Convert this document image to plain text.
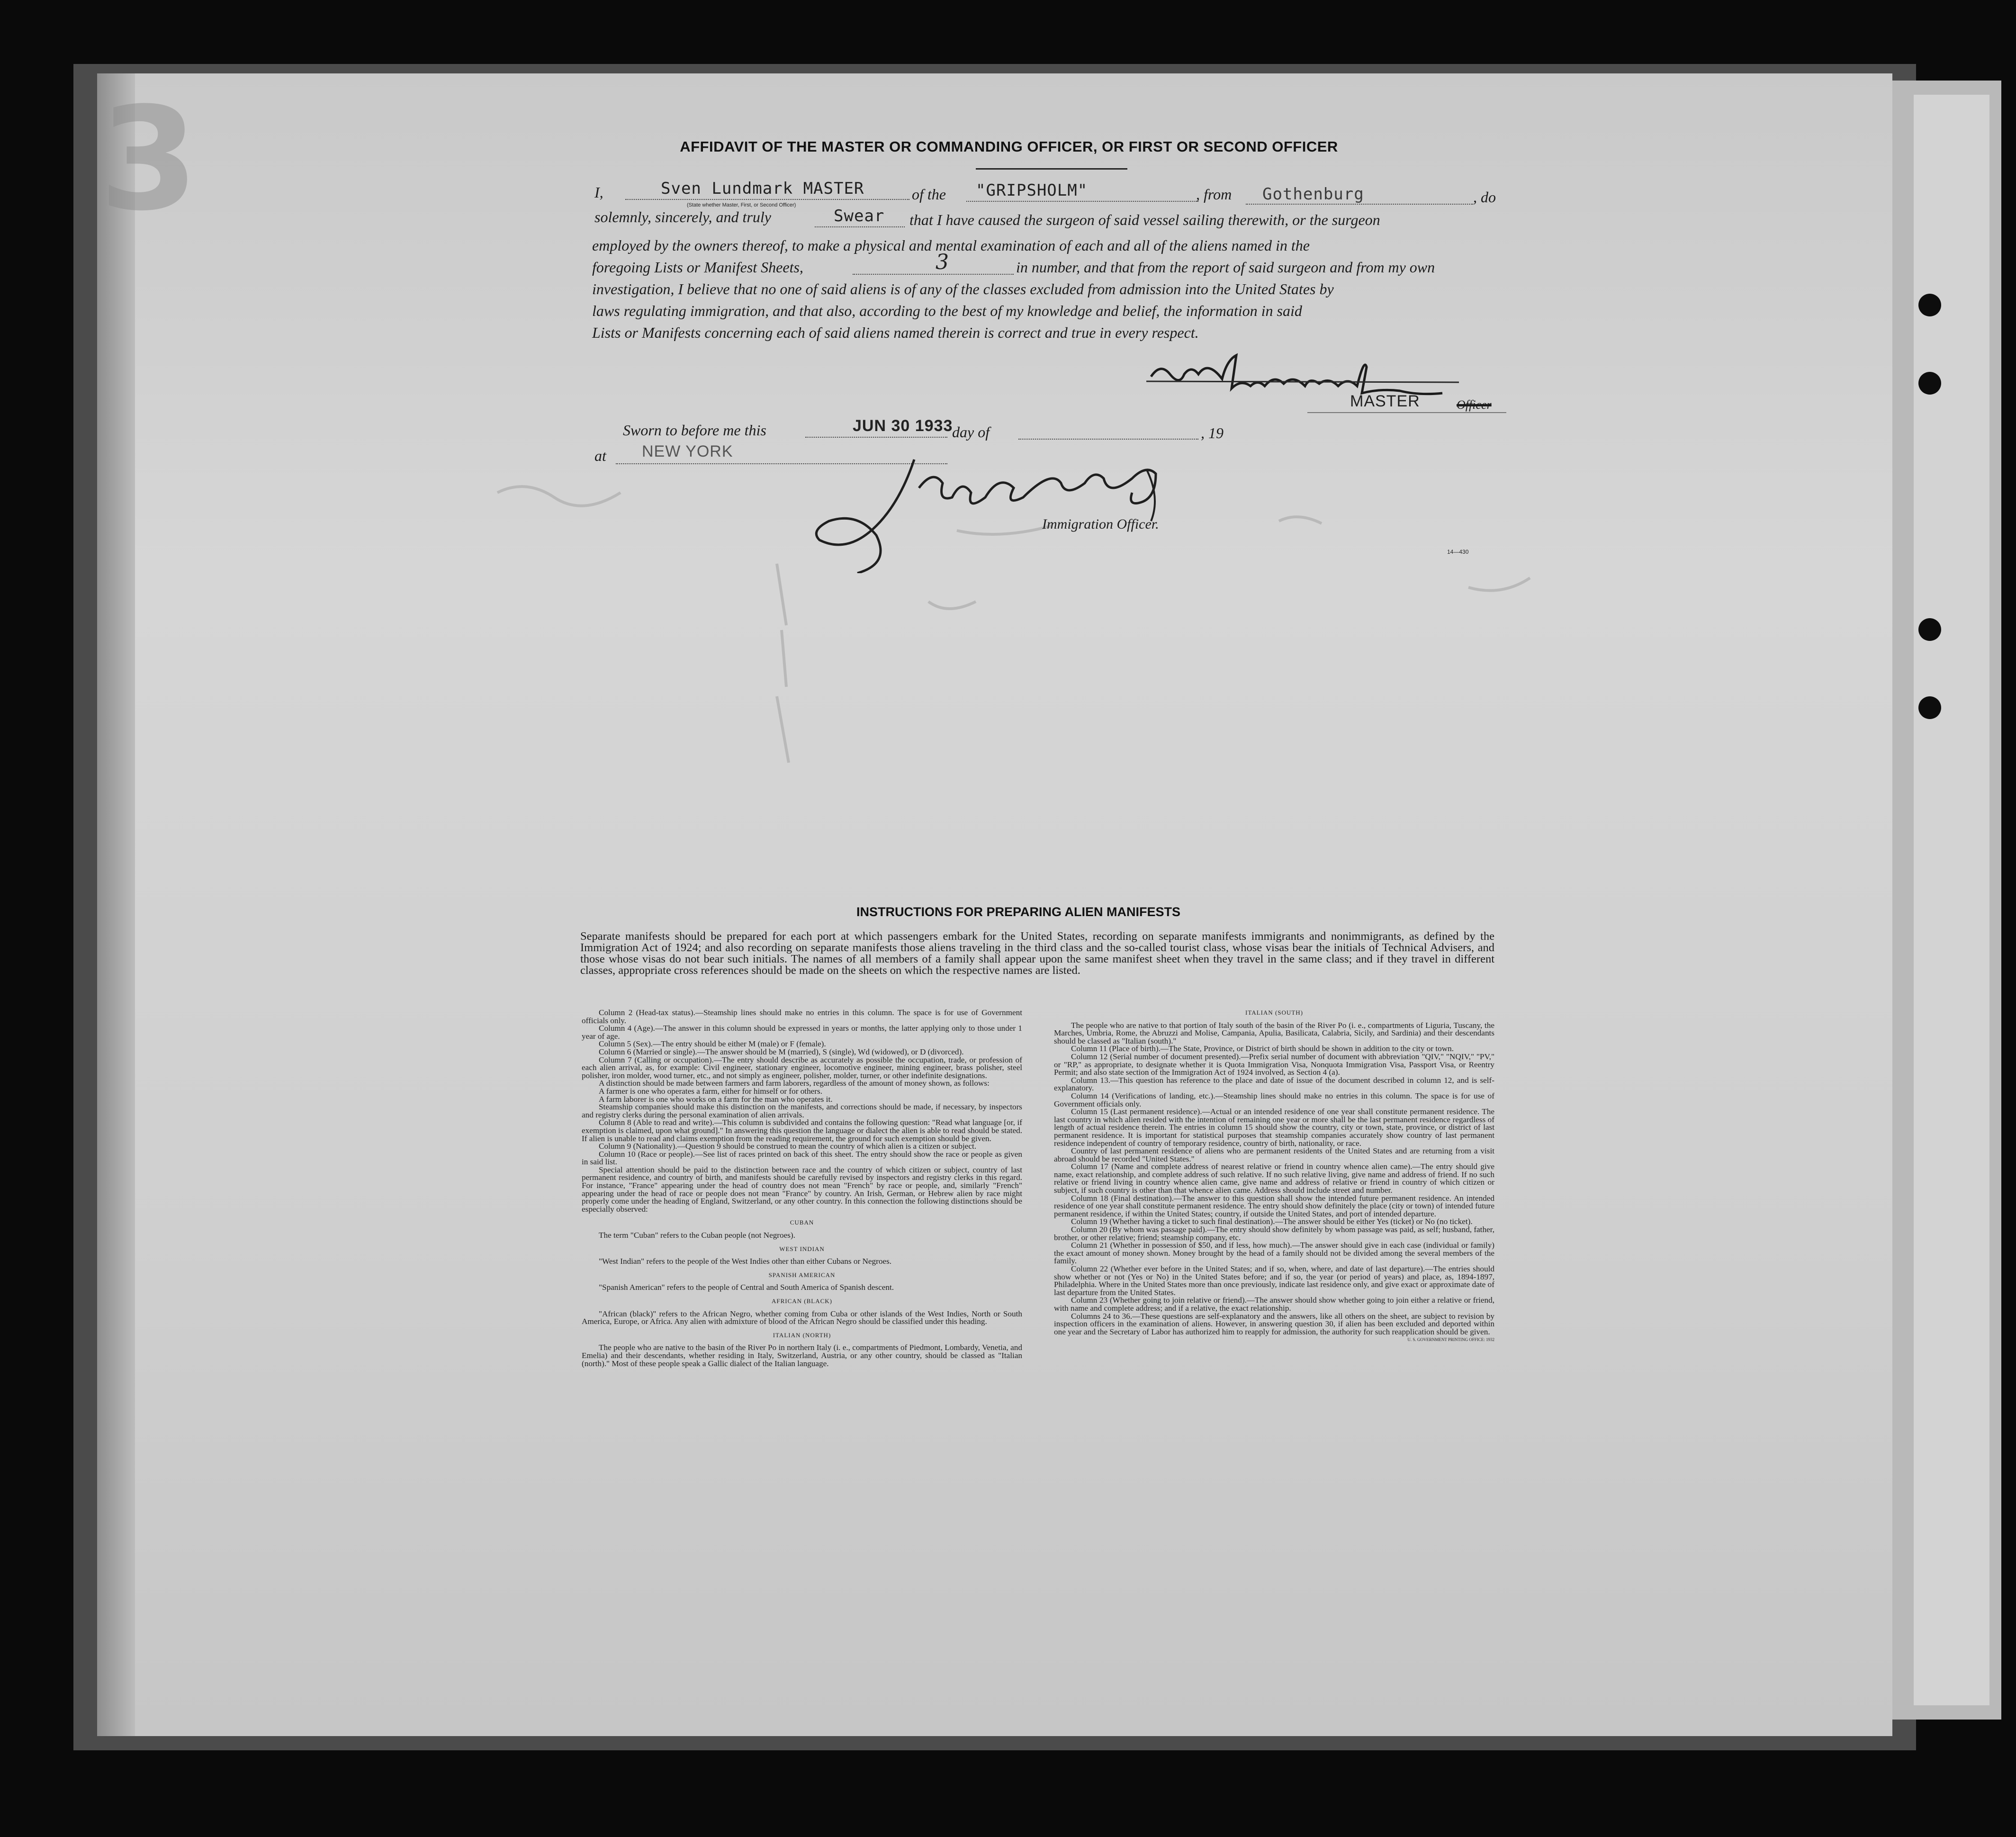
3	AFFIDAVIT OF THE MASTER OR COMMANDING OFFICER, OR FIRST OR SECOND OFFICER
I,	Sven Lundmark MASTER
(State whether Master, First, or Second Officer)
of the "GRIPSHOLM"	, from Gothenburg	, do
solemnly, sincerely, and truly	Swear that I have caused the surgeon of said vessel sailing therewith, or the surgeon
employed by the owners thereof, to make a physical and mental examination of each and all of the aliens named in the
foregoing Lists or Manifest Sheets,	3	in number, and that from the report of said surgeon and from my own
investigation, I believe that no one of said aliens is of any of the classes excluded from admission into the United States by
laws regulating immigration, and that also, according to the best of my knowledge and belief, the information in said
Lists or Manifests concerning each of said aliens named therein is correct and true in every respect.
MASTER	Officer
Sworn to before me this	JUN 30 1933
day of	, 19
at NEW YORK
Immigration Officer.
14—430
INSTRUCTIONS FOR PREPARING ALIEN MANIFESTS
Separate manifests should be prepared for each port at which passengers embark for the United States, recording on separate manifests immigrants and nonimmigrants, as defined by the Immigration Act of 1924; and also recording on separate manifests those aliens traveling in the third class and the so-called tourist class, whose visas bear the initials of Technical Advisers, and those whose visas do not bear such initials. The names of all members of a family shall appear upon the same manifest sheet when they travel in the same class; and if they travel in different classes, appropriate cross references should be made on the sheets on which the respective names are listed.

Column 2 (Head-tax status).—Steamship lines should make no entries in this column. The space is for use of Government officials only.

Column 4 (Age).—The answer in this column should be expressed in years or months, the latter applying only to those under 1 year of age.

Column 5 (Sex).—The entry should be either M (male) or F (female).

Column 6 (Married or single).—The answer should be M (married), S (single), Wd (widowed), or D (divorced).

Column 7 (Calling or occupation).—The entry should describe as accurately as possible the occupation, trade, or profession of each alien arrival, as, for example: Civil engineer, stationary engineer, locomotive engineer, mining engineer, brass polisher, steel polisher, iron molder, wood turner, etc., and not simply as engineer, polisher, molder, turner, or other indefinite designations.

A distinction should be made between farmers and farm laborers, regardless of the amount of money shown, as follows:

A farmer is one who operates a farm, either for himself or for others.

A farm laborer is one who works on a farm for the man who operates it.

Steamship companies should make this distinction on the manifests, and corrections should be made, if necessary, by inspectors and registry clerks during the personal examination of alien arrivals.

Column 8 (Able to read and write).—This column is subdivided and contains the following question: "Read what language [or, if exemption is claimed, upon what ground]." In answering this question the language or dialect the alien is able to read should be stated. If alien is unable to read and claims exemption from the reading requirement, the ground for such exemption should be given.

Column 9 (Nationality).—Question 9 should be construed to mean the country of which alien is a citizen or subject.

Column 10 (Race or people).—See list of races printed on back of this sheet. The entry should show the race or people as given in said list.

Special attention should be paid to the distinction between race and the country of which citizen or subject, country of last permanent residence, and country of birth, and manifests should be carefully revised by inspectors and registry clerks in this regard. For instance, "France" appearing under the head of country does not mean "French" by race or people, and, similarly "French" appearing under the head of race or people does not mean "France" by country. An Irish, German, or Hebrew alien by race might properly come under the heading of England, Switzerland, or any other country. In this connection the following distinctions should be especially observed:

CUBAN

The term "Cuban" refers to the Cuban people (not Negroes).

WEST INDIAN

"West Indian" refers to the people of the West Indies other than either Cubans or Negroes.

SPANISH AMERICAN

"Spanish American" refers to the people of Central and South America of Spanish descent.

AFRICAN (BLACK)

"African (black)" refers to the African Negro, whether coming from Cuba or other islands of the West Indies, North or South America, Europe, or Africa. Any alien with admixture of blood of the African Negro should be classified under this heading.

ITALIAN (NORTH)

The people who are native to the basin of the River Po in northern Italy (i. e., compartments of Piedmont, Lombardy, Venetia, and Emelia) and their descendants, whether residing in Italy, Switzerland, Austria, or any other country, should be classed as "Italian (north)." Most of these people speak a Gallic dialect of the Italian language.

ITALIAN (SOUTH)

The people who are native to that portion of Italy south of the basin of the River Po (i. e., compartments of Liguria, Tuscany, the Marches, Umbria, Rome, the Abruzzi and Molise, Campania, Apulia, Basilicata, Calabria, Sicily, and Sardinia) and their descendants should be classed as "Italian (south)."

Column 11 (Place of birth).—The State, Province, or District of birth should be shown in addition to the city or town.

Column 12 (Serial number of document presented).—Prefix serial number of document with abbreviation "QIV," "NQIV," "PV," or "RP," as appropriate, to designate whether it is Quota Immigration Visa, Nonquota Immigration Visa, Passport Visa, or Reentry Permit; and also state section of the Immigration Act of 1924 involved, as Section 4 (a).

Column 13.—This question has reference to the place and date of issue of the document described in column 12, and is self-explanatory.

Column 14 (Verifications of landing, etc.).—Steamship lines should make no entries in this column. The space is for use of Government officials only.

Column 15 (Last permanent residence).—Actual or an intended residence of one year shall constitute permanent residence. The last country in which alien resided with the intention of remaining one year or more shall be the last permanent residence regardless of length of actual residence therein. The entries in column 15 should show the country, city or town, state, province, or district of last permanent residence. It is important for statistical purposes that steamship companies accurately show country of last permanent residence independent of country of temporary residence, country of birth, nationality, or race.

Country of last permanent residence of aliens who are permanent residents of the United States and are returning from a visit abroad should be recorded "United States."

Column 17 (Name and complete address of nearest relative or friend in country whence alien came).—The entry should give name, exact relationship, and complete address of such relative. If no such relative living, give name and address of friend. If no such relative or friend living in country whence alien came, give name and address of relative or friend in country of which citizen or subject, if such country is other than that whence alien came. Address should include street and number.

Column 18 (Final destination).—The answer to this question shall show the intended future permanent residence. An intended residence of one year shall constitute permanent residence. The entry should show definitely the place (city or town) of intended future permanent residence, if within the United States; country, if outside the United States, and port of intended departure.

Column 19 (Whether having a ticket to such final destination).—The answer should be either Yes (ticket) or No (no ticket).

Column 20 (By whom was passage paid).—The entry should show definitely by whom passage was paid, as self; husband, father, brother, or other relative; friend; steamship company, etc.

Column 21 (Whether in possession of $50, and if less, how much).—The answer should give in each case (individual or family) the exact amount of money shown. Money brought by the head of a family should not be divided among the several members of the family.

Column 22 (Whether ever before in the United States; and if so, when, where, and date of last departure).—The entries should show whether or not (Yes or No) in the United States before; and if so, the year (or period of years) and place, as, 1894-1897, Philadelphia. Where in the United States more than once previously, indicate last residence only, and give exact or approximate date of last departure from the United States.

Column 23 (Whether going to join relative or friend).—The answer should show whether going to join either a relative or friend, with name and complete address; and if a relative, the exact relationship.

Columns 24 to 36.—These questions are self-explanatory and the answers, like all others on the sheet, are subject to revision by inspection officers in the examination of aliens. However, in answering question 30, if alien has been excluded and deported within one year and the Secretary of Labor has authorized him to reapply for admission, the authority for such reapplication should be given.

U. S. GOVERNMENT PRINTING OFFICE: 1932
